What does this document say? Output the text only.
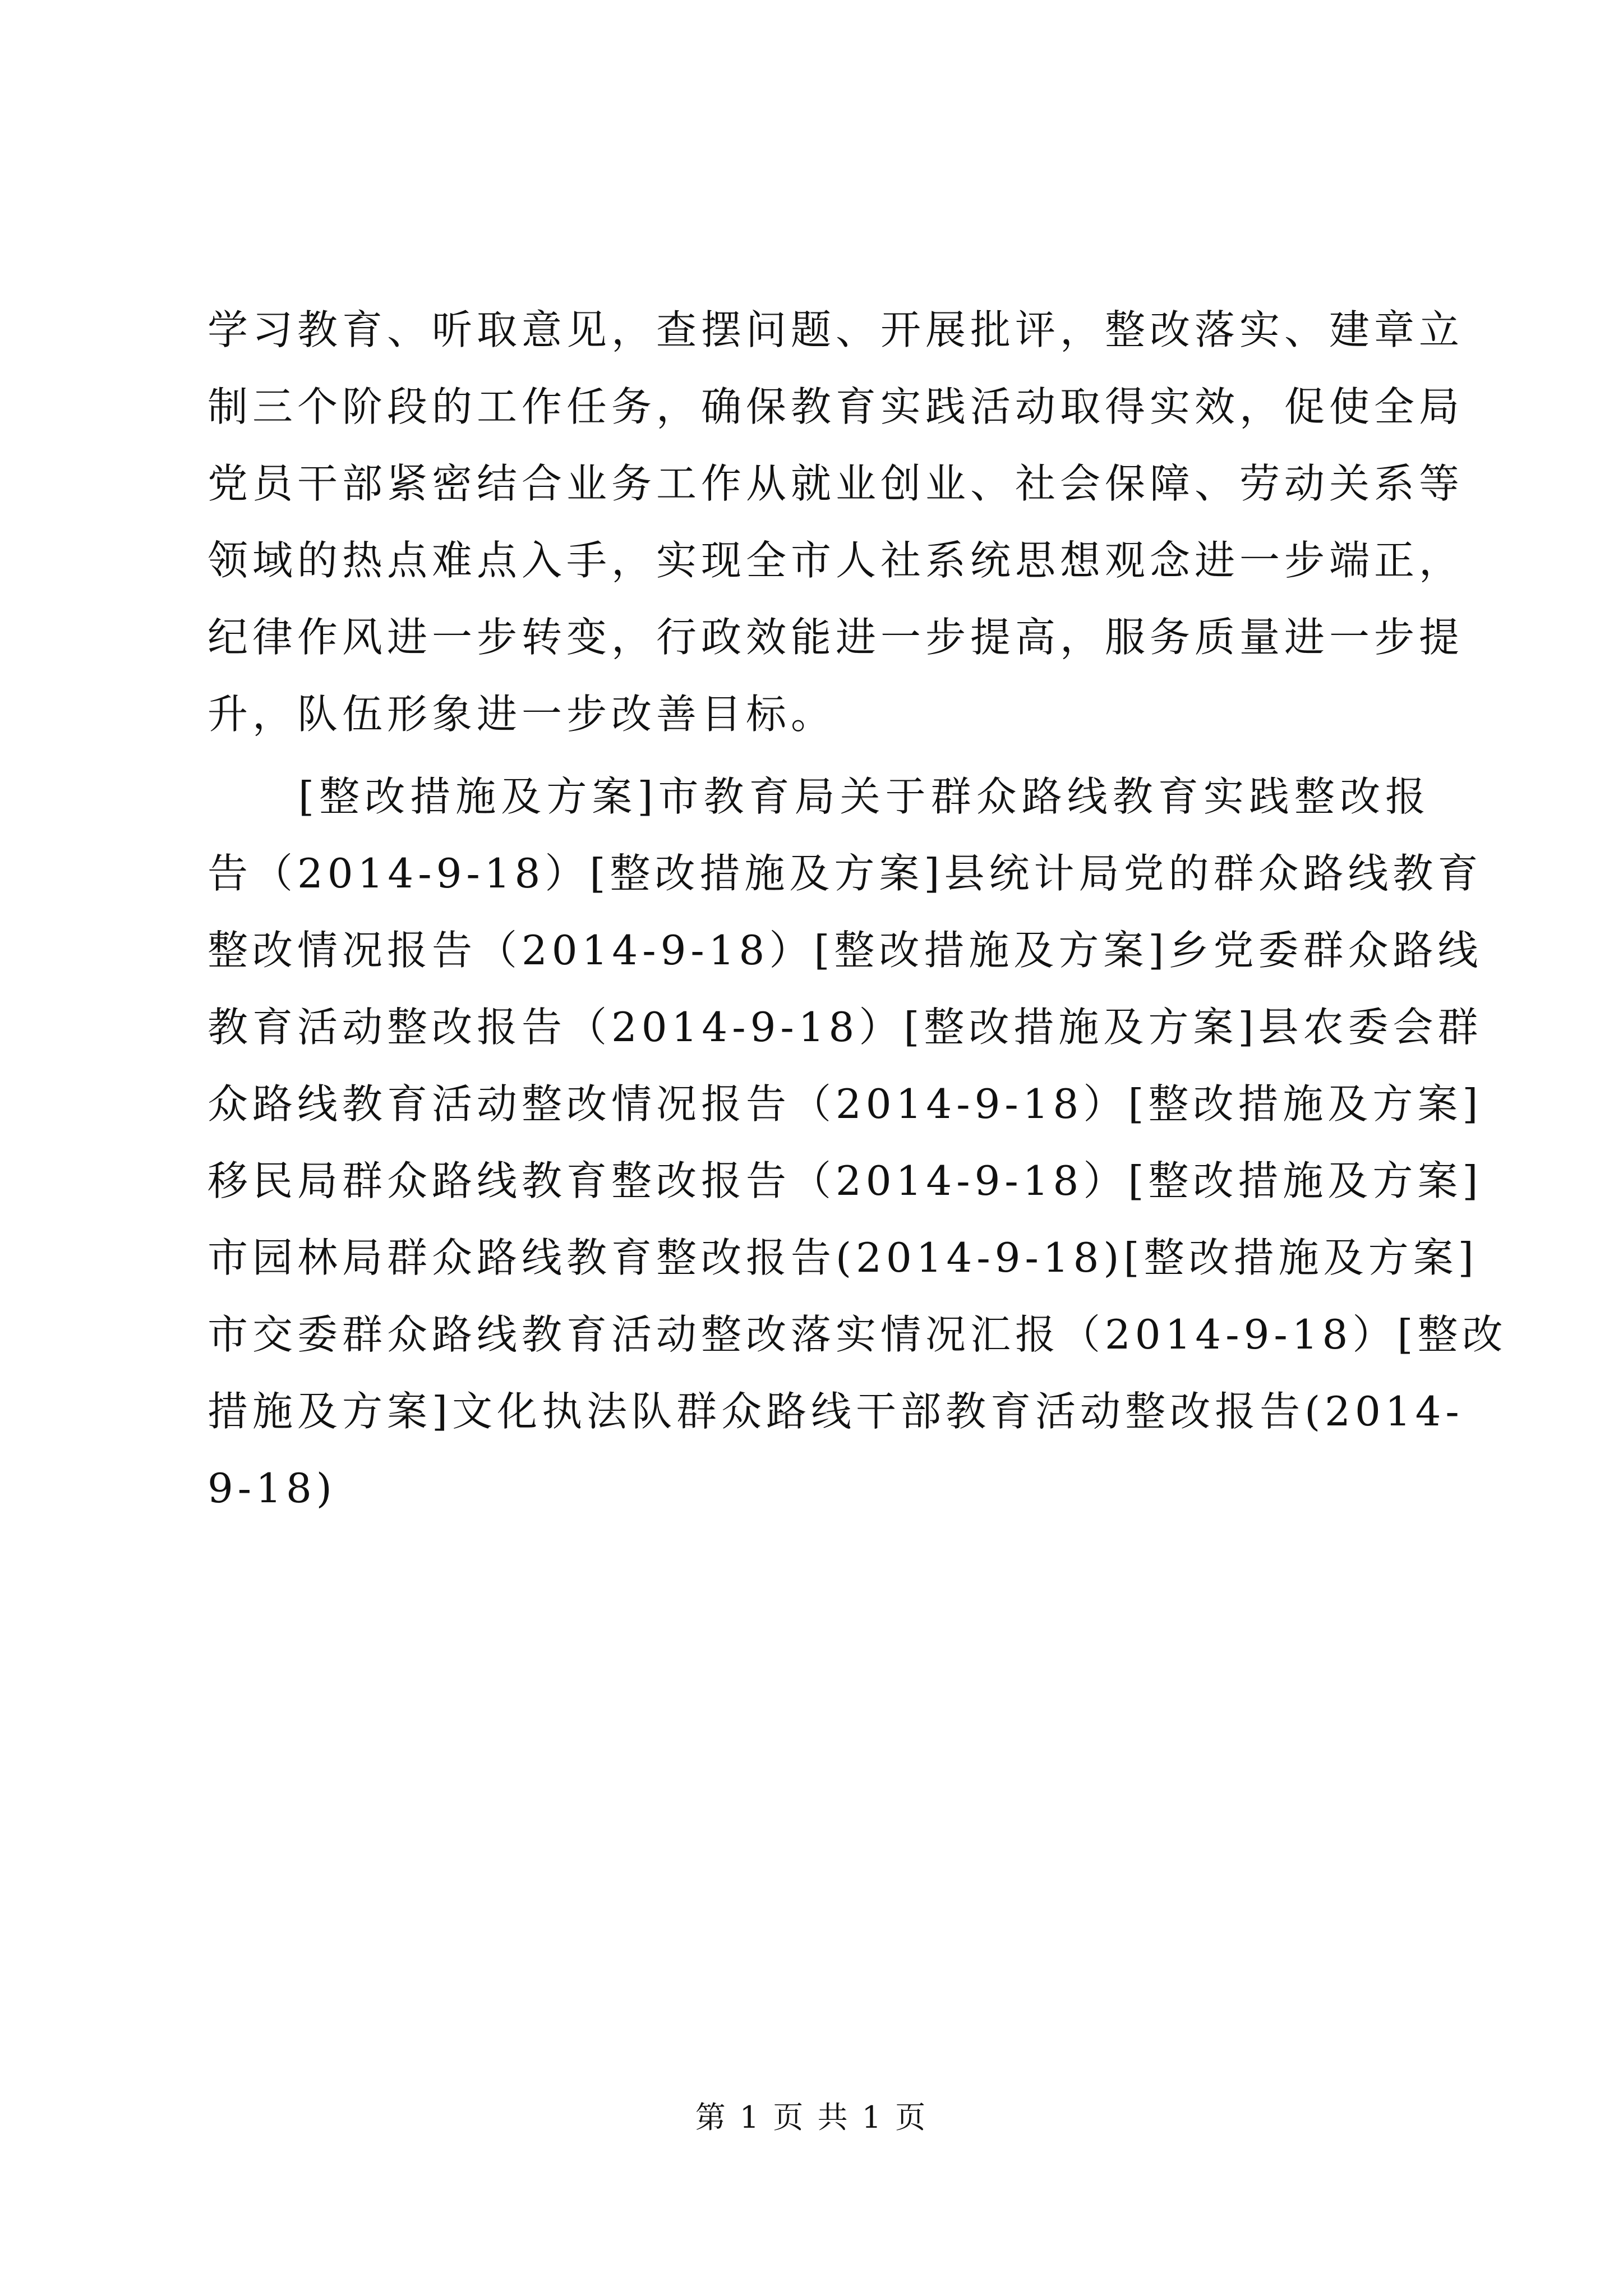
学习教育、听取意见，查摆问题、开展批评，整改落实、建章立
制三个阶段的工作任务，确保教育实践活动取得实效，促使全局
党员干部紧密结合业务工作从就业创业、社会保障、劳动关系等
领域的热点难点入手，实现全市人社系统思想观念进一步端正，
纪律作风进一步转变，行政效能进一步提高，服务质量进一步提
升，队伍形象进一步改善目标。
　　[整改措施及方案]市教育局关于群众路线教育实践整改报
告（2014-9-18）[整改措施及方案]县统计局党的群众路线教育
整改情况报告（2014-9-18）[整改措施及方案]乡党委群众路线
教育活动整改报告（2014-9-18）[整改措施及方案]县农委会群
众路线教育活动整改情况报告（2014-9-18）[整改措施及方案]
移民局群众路线教育整改报告（2014-9-18）[整改措施及方案]
市园林局群众路线教育整改报告(2014-9-18)[整改措施及方案]
市交委群众路线教育活动整改落实情况汇报（2014-9-18）[整改
措施及方案]文化执法队群众路线干部教育活动整改报告(2014-
9-18)
第 1 页 共 1 页
